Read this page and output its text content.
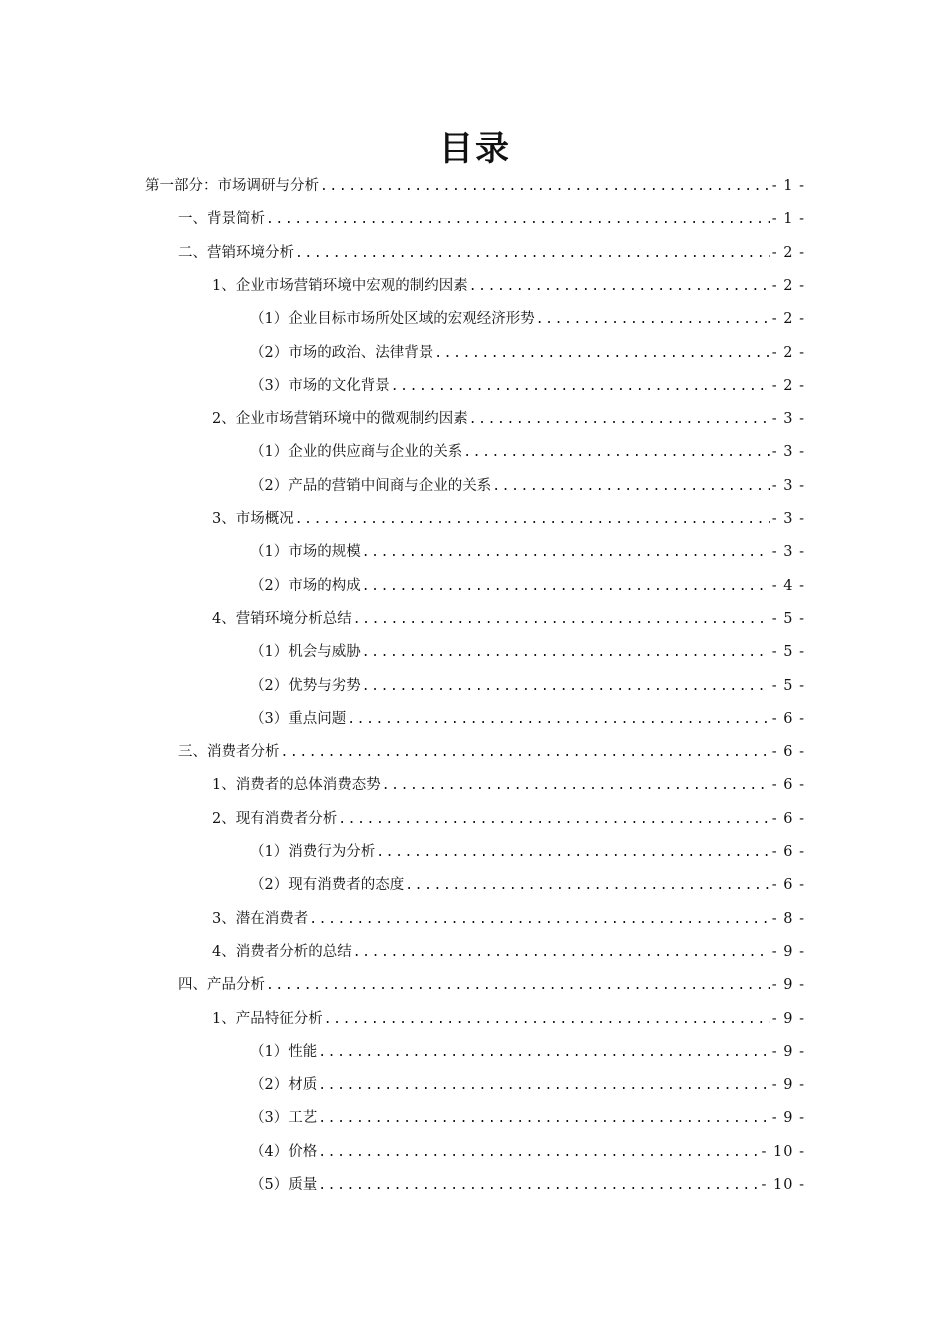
目录
第一部分：市场调研与分析 .....	- 1 -
一、背景简析 .....	- 1 -
二、营销环境分析 .....	- 2 -
1、企业市场营销环境中宏观的制约因素 .....	- 2 -
（1）企业目标市场所处区域的宏观经济形势 .....	- 2 -
（2）市场的政治、法律背景 .....	- 2 -
（3）市场的文化背景 .....	- 2 -
2、企业市场营销环境中的微观制约因素 .....	- 3 -
（1）企业的供应商与企业的关系 .....	- 3 -
（2）产品的营销中间商与企业的关系 .....	- 3 -
3、市场概况 .....	- 3 -
（1）市场的规模 .....	- 3 -
（2）市场的构成 .....	- 4 -
4、营销环境分析总结 .....	- 5 -
（1）机会与威胁 .....	- 5 -
（2）优势与劣势 .....	- 5 -
（3）重点问题 .....	- 6 -
三、消费者分析 .....	- 6 -
1、消费者的总体消费态势 .....	- 6 -
2、现有消费者分析 .....	- 6 -
（1）消费行为分析 .....	- 6 -
（2）现有消费者的态度 .....	- 6 -
3、潜在消费者 .....	- 8 -
4、消费者分析的总结 .....	- 9 -
四、产品分析 .....	- 9 -
1、产品特征分析 .....	- 9 -
（1）性能 .....	- 9 -
（2）材质 .....	- 9 -
（3）工艺 .....	- 9 -
（4）价格 .....	- 10 -
（5）质量 .....	- 10 -
